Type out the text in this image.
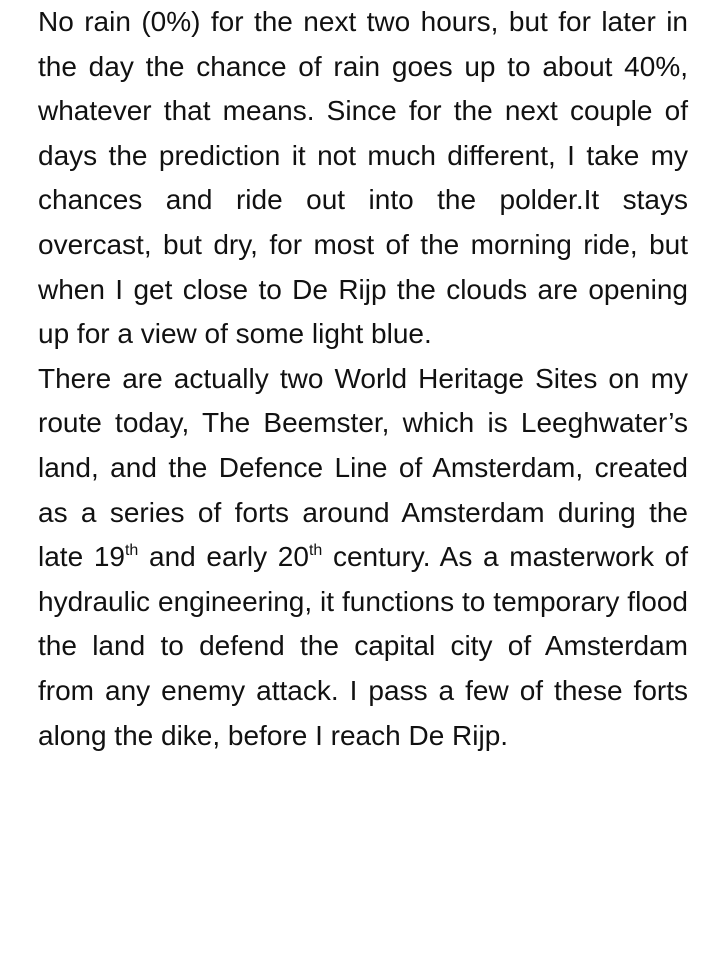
No rain (0%) for the next two hours, but for later in the day the chance of rain goes up to about 40%, whatever that means. Since for the next couple of days the prediction it not much different, I take my chances and ride out into the polder.It stays overcast, but dry, for most of the morning ride, but when I get close to De Rijp the clouds are opening up for a view of some light blue.

There are actually two World Heritage Sites on my route today, The Beemster, which is Leeghwater’s land, and the Defence Line of Amsterdam, created as a series of forts around Amsterdam during the late 19th and early 20th century. As a masterwork of hydraulic engineering, it functions to temporary flood the land to defend the capital city of Amsterdam from any enemy attack. I pass a few of these forts along the dike, before I reach De Rijp.
